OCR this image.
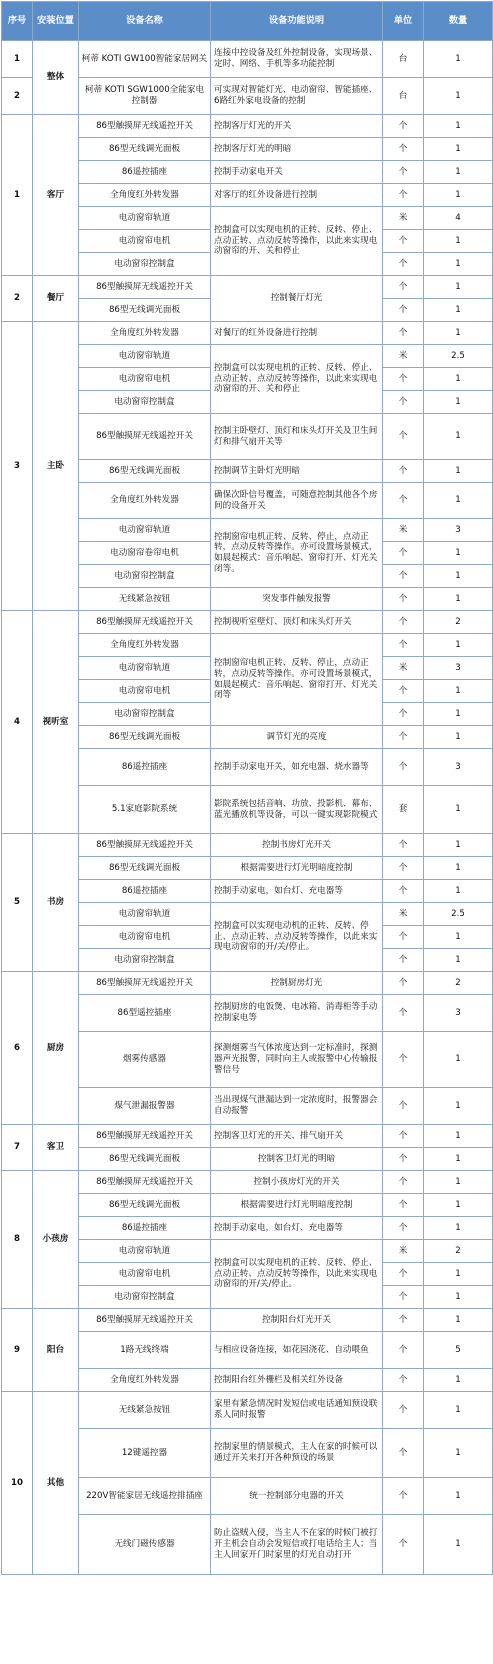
序号	安装位置	设备名称	设备功能说明	单位	数量
1	整体	柯蒂 KOTI GW100智能家居网关	连接中控设备及红外控制设备，实现场景、定时、网络、手机等多功能控制	台	1
2		柯蒂 KOTI SGW1000全能家电控制器	可实现对智能灯光、电动窗帘、智能插座、6路红外家电设备的控制	台	1
1	客厅	86型触摸屏无线遥控开关	控制客厅灯光的开关	个	1
		86型无线调光面板	控制客厅灯光的明暗	个	1
		86遥控插座	控制手动家电开关	个	1
		全角度红外转发器	对客厅的红外设备进行控制	个	1
		电动窗帘轨道	控制盒可以实现电机的正转、反转、停止、点动正转、点动反转等操作，以此来实现电动窗帘的开、关和停止	米	4
		电动窗帘电机		个	1
		电动窗帘控制盒		个	1
2	餐厅	86型触摸屏无线遥控开关	控制餐厅灯光	个	1
		86型无线调光面板		个	1
3	主卧	全角度红外转发器	对餐厅的红外设备进行控制	个	1
		电动窗帘轨道	控制盒可以实现电机的正转、反转、停止、点动正转、点动反转等操作，以此来实现电动窗帘的开、关和停止	米	2.5
		电动窗帘电机		个	1
		电动窗帘控制盒		个	1
		86型触摸屏无线遥控开关	控制主卧壁灯、顶灯和床头灯开关及卫生间灯和排气扇开关等	个	1
		86型无线调光面板	控制调节主卧灯光明暗	个	1
		全角度红外转发器	确保次卧信号覆盖，可随意控制其他各个房间的设备开关	个	1
		电动窗帘轨道	控制窗帘电机正转、反转、停止，点动正转，点动反转等操作。亦可设置场景模式，如晨起模式：音乐响起、窗帘打开、灯光关闭等。	米	3
		电动窗帘卷帘电机		个	1
		电动窗帘控制盒		个	1
		无线紧急按钮	突发事件触发报警	个	1
4	视听室	86型触摸屏无线遥控开关	控制视听室壁灯、顶灯和床头灯开关	个	2
		全角度红外转发器	控制窗帘电机正转、反转、停止，点动正转，点动反转等操作。亦可设置场景模式，如晨起模式：音乐响起、窗帘打开、灯光关闭等	个	1
		电动窗帘轨道		米	3
		电动窗帘电机		个	1
		电动窗帘控制盒		个	1
		86型无线调光面板	调节灯光的亮度	个	1
		86遥控插座	控制手动家电开关，如充电器、烧水器等	个	3
		5.1家庭影院系统	影院系统包括音响、功放、投影机、幕布、蓝光播放机等设备，可以一键实现影院模式	套	1
5	书房	86型触摸屏无线遥控开关	控制书房灯光开关	个	1
		86型无线调光面板	根据需要进行灯光明暗度控制	个	1
		86遥控插座	控制手动家电，如台灯、充电器等	个	1
		电动窗帘轨道	控制盒可以实现电动机的正转、反转、停止、点动正转、点动反转等操作，以此来实现电动窗帘的开/关/停止。	米	2.5
		电动窗帘电机		个	1
		电动窗帘控制盒		个	1
6	厨房	86型触摸屏无线遥控开关	控制厨房灯光	个	2
		86型遥控插座	控制厨房的电饭煲、电冰箱、消毒柜等手动控制家电等	个	3
		烟雾传感器	探测烟雾当气体浓度达到一定标准时，探测器声光报警，同时向主人或报警中心传输报警信号	个	1
		煤气泄漏报警器	当出现煤气泄漏达到一定浓度时，报警器会自动报警	个	1
7	客卫	86型触摸屏无线遥控开关	控制客卫灯光的开关、排气扇开关	个	1
		86型无线调光面板	控制客卫灯光的明暗	个	1
8	小孩房	86型触摸屏无线遥控开关	控制小孩房灯光的开关	个	1
		86型无线调光面板	根据需要进行灯光明暗度控制	个	1
		86遥控插座	控制手动家电，如台灯、充电器等	个	1
		电动窗帘轨道	控制盒可以实现电机的正转、反转、停止、点动正转、点动反转等操作，以此来实现电动窗帘的开/关/停止。	米	2
		电动窗帘电机		个	1
		电动窗帘控制盒		个	1
9	阳台	86型触摸屏无线遥控开关	控制阳台灯光开关	个	1
		1路无线终端	与相应设备连接，如花园浇花、自动喂鱼	个	5
		全角度红外转发器	控制阳台红外栅栏及相关红外设备	个	1
10	其他	无线紧急按钮	家里有紧急情况时发短信或电话通知预设联系人同时报警	个	1
		12键遥控器	控制家里的情景模式，主人在家的时候可以通过开关来打开各种预设的场景	个	1
		220V智能家居无线遥控排插座	统一控制部分电器的开关	个	1
		无线门磁传感器	防止盗贼入侵，当主人不在家的时候门被打开主机会自动会发短信或打电话给主人；当主人回家开门时家里的灯光自动打开	个	1
